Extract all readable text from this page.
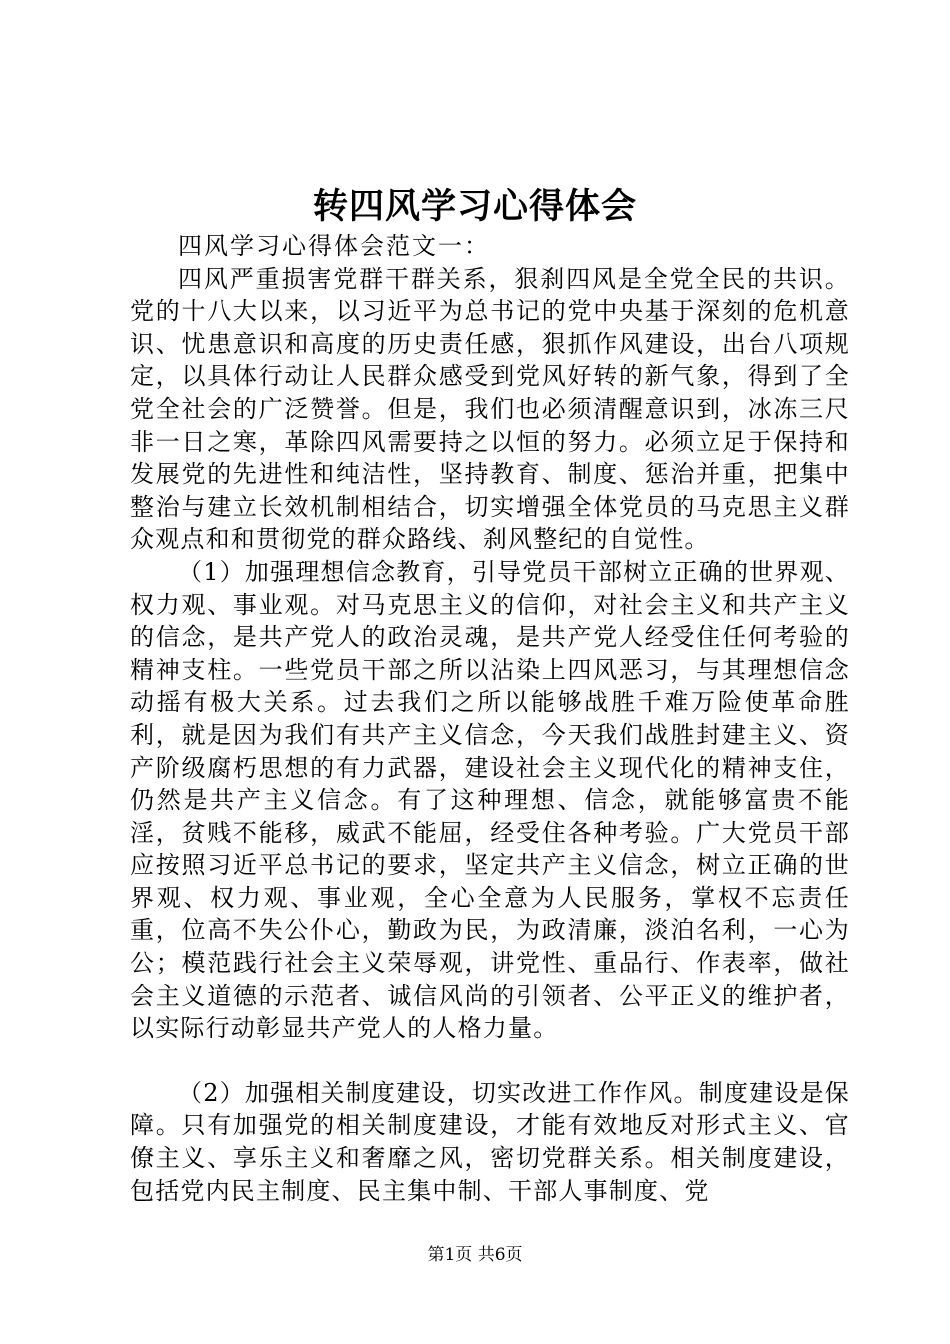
转四风学习心得体会

四风学习心得体会范文一：

四风严重损害党群干群关系，狠刹四风是全党全民的共识。党的十八大以来，以习近平为总书记的党中央基于深刻的危机意识、忧患意识和高度的历史责任感，狠抓作风建设，出台八项规定，以具体行动让人民群众感受到党风好转的新气象，得到了全党全社会的广泛赞誉。但是，我们也必须清醒意识到，冰冻三尺非一日之寒，革除四风需要持之以恒的努力。必须立足于保持和发展党的先进性和纯洁性，坚持教育、制度、惩治并重，把集中整治与建立长效机制相结合，切实增强全体党员的马克思主义群众观点和和贯彻党的群众路线、刹风整纪的自觉性。

（1）加强理想信念教育，引导党员干部树立正确的世界观、权力观、事业观。对马克思主义的信仰，对社会主义和共产主义的信念，是共产党人的政治灵魂，是共产党人经受住任何考验的精神支柱。一些党员干部之所以沾染上四风恶习，与其理想信念动摇有极大关系。过去我们之所以能够战胜千难万险使革命胜利，就是因为我们有共产主义信念，今天我们战胜封建主义、资产阶级腐朽思想的有力武器，建设社会主义现代化的精神支住，仍然是共产主义信念。有了这种理想、信念，就能够富贵不能淫，贫贱不能移，威武不能屈，经受住各种考验。广大党员干部应按照习近平总书记的要求，坚定共产主义信念，树立正确的世界观、权力观、事业观，全心全意为人民服务，掌权不忘责任重，位高不失公仆心，勤政为民，为政清廉，淡泊名利，一心为公；模范践行社会主义荣辱观，讲党性、重品行、作表率，做社会主义道德的示范者、诚信风尚的引领者、公平正义的维护者，以实际行动彰显共产党人的人格力量。

（2）加强相关制度建设，切实改进工作作风。制度建设是保障。只有加强党的相关制度建设，才能有效地反对形式主义、官僚主义、享乐主义和奢靡之风，密切党群关系。相关制度建设，包括党内民主制度、民主集中制、干部人事制度、党

第1页 共6页
